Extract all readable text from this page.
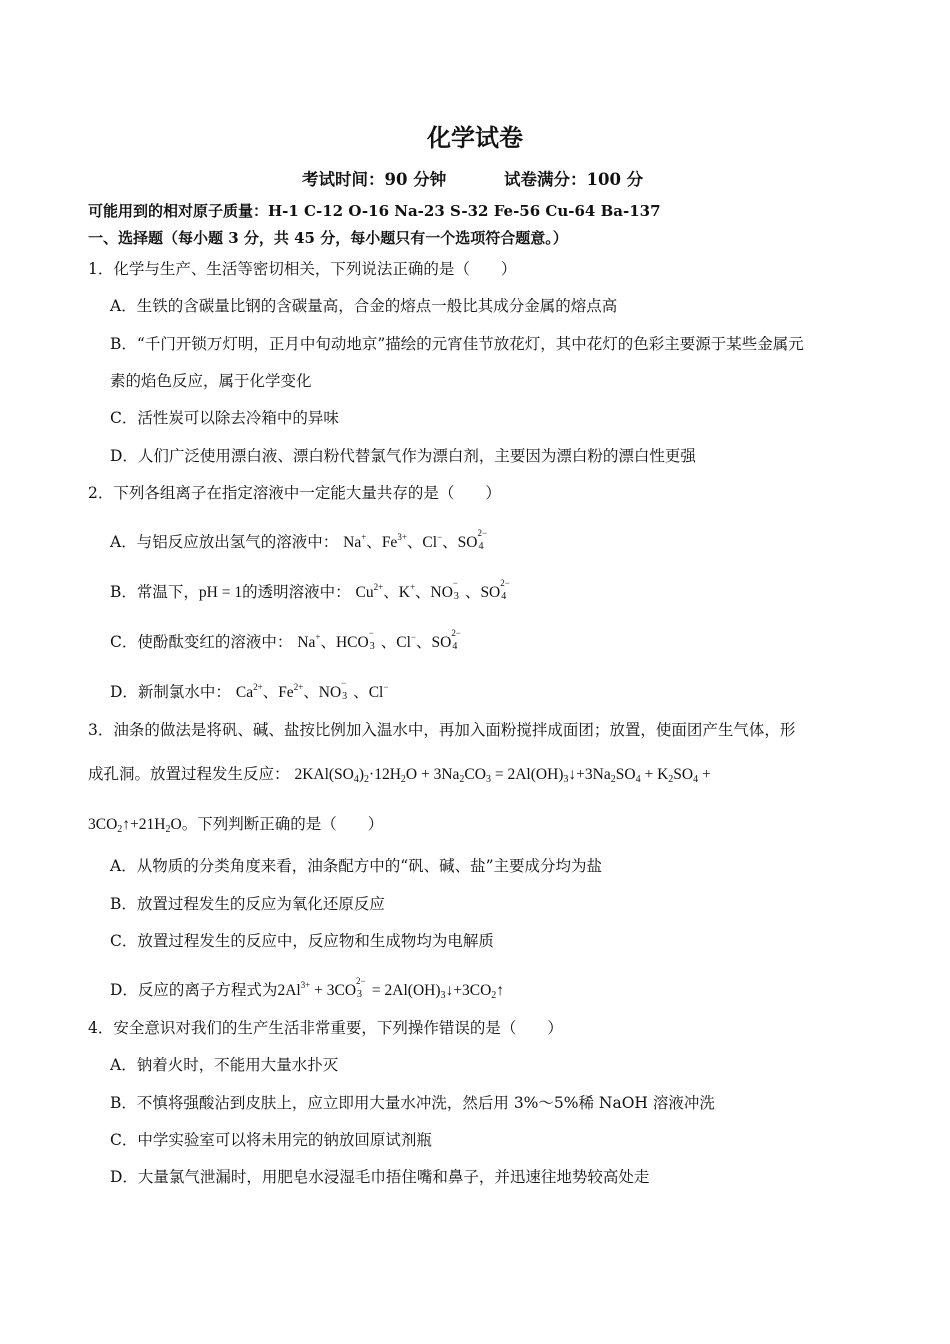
化学试卷
考试时间：90 分钟	试卷满分：100 分
可能用到的相对原子质量：H-1 C-12 O-16 Na-23 S-32 Fe-56 Cu-64 Ba-137
一、选择题（每小题 3 分，共 45 分，每小题只有一个选项符合题意。）
1．化学与生产、生活等密切相关，下列说法正确的是（　　）
A．生铁的含碳量比钢的含碳量高，合金的熔点一般比其成分金属的熔点高
B．“千门开锁万灯明，正月中旬动地京”描绘的元宵佳节放花灯，其中花灯的色彩主要源于某些金属元
素的焰色反应，属于化学变化
C．活性炭可以除去冷箱中的异味
D．人们广泛使用漂白液、漂白粉代替氯气作为漂白剂，主要因为漂白粉的漂白性更强
2．下列各组离子在指定溶液中一定能大量共存的是（　　）
A．与铝反应放出氢气的溶液中： Na+、$Fe^{3+}$、Cl−、SO
2−
4
B．常温下，pH = 1的透明溶液中： $Cu^{2+}$、K+、NO
−
3 、SO
2−
4
C．使酚酞变红的溶液中： Na+、HCO
−
3 、Cl−、SO
2−
4
D．新制氯水中： $Ca^{2+}$、$Fe^{2+}$、NO
−
3 、Cl−
3．油条的做法是将矾、碱、盐按比例加入温水中，再加入面粉搅拌成面团；放置，使面团产生气体，形
成孔洞。放置过程发生反应： $2KAl(SO_4)_2\cdot 12H_2O + 3Na_2CO_3$ = $2Al(OH)_3↓+3Na_2SO_4 + K_2SO_4$ +
$3CO_2↑+21H_2O$。下列判断正确的是（　　）
A．从物质的分类角度来看，油条配方中的“矾、碱、盐”主要成分均为盐
B．放置过程发生的反应为氧化还原反应
C．放置过程发生的反应中，反应物和生成物均为电解质
D．反应的离子方程式为$2Al^{3+} + 3CO$
2−
$3 = 2Al(OH)_3↓+3CO_2↑$
4．安全意识对我们的生产生活非常重要，下列操作错误的是（　　）
A．钠着火时，不能用大量水扑灭
B．不慎将强酸沾到皮肤上，应立即用大量水冲洗，然后用 3%～5%稀 NaOH 溶液冲洗
C．中学实验室可以将未用完的钠放回原试剂瓶
D．大量氯气泄漏时，用肥皂水浸湿毛巾捂住嘴和鼻子，并迅速往地势较高处走
